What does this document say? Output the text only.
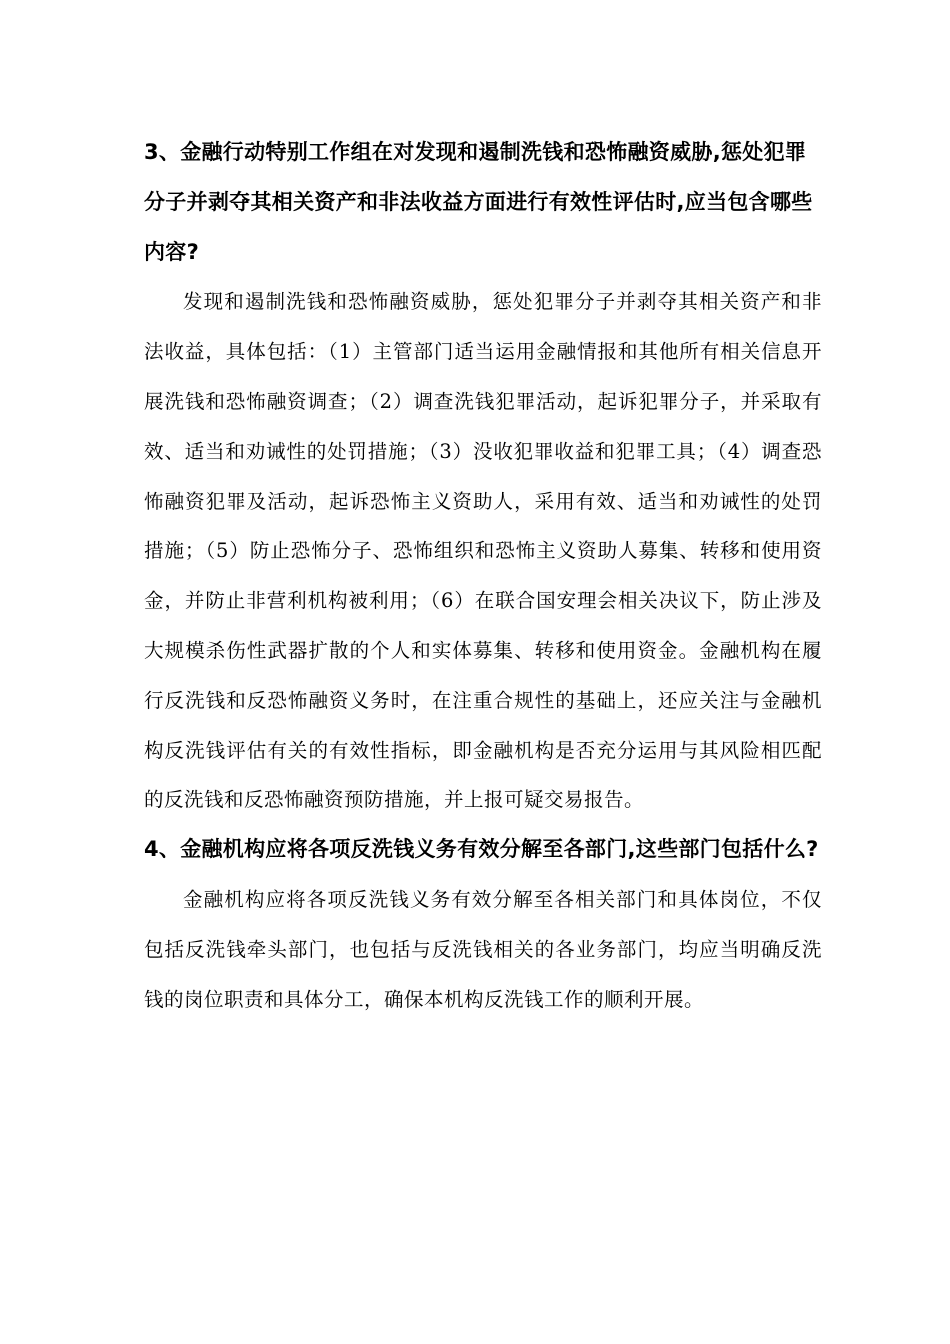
3、金融行动特别工作组在对发现和遏制洗钱和恐怖融资威胁,惩处犯罪分子并剥夺其相关资产和非法收益方面进行有效性评估时,应当包含哪些内容?

发现和遏制洗钱和恐怖融资威胁，惩处犯罪分子并剥夺其相关资产和非法收益，具体包括：（1）主管部门适当运用金融情报和其他所有相关信息开展洗钱和恐怖融资调查；（2）调查洗钱犯罪活动，起诉犯罪分子，并采取有效、适当和劝诫性的处罚措施；（3）没收犯罪收益和犯罪工具；（4）调查恐怖融资犯罪及活动，起诉恐怖主义资助人，采用有效、适当和劝诫性的处罚措施；（5）防止恐怖分子、恐怖组织和恐怖主义资助人募集、转移和使用资金，并防止非营利机构被利用；（6）在联合国安理会相关决议下，防止涉及大规模杀伤性武器扩散的个人和实体募集、转移和使用资金。金融机构在履行反洗钱和反恐怖融资义务时，在注重合规性的基础上，还应关注与金融机构反洗钱评估有关的有效性指标，即金融机构是否充分运用与其风险相匹配的反洗钱和反恐怖融资预防措施，并上报可疑交易报告。

4、金融机构应将各项反洗钱义务有效分解至各部门,这些部门包括什么?

金融机构应将各项反洗钱义务有效分解至各相关部门和具体岗位，不仅包括反洗钱牵头部门，也包括与反洗钱相关的各业务部门，均应当明确反洗钱的岗位职责和具体分工，确保本机构反洗钱工作的顺利开展。
